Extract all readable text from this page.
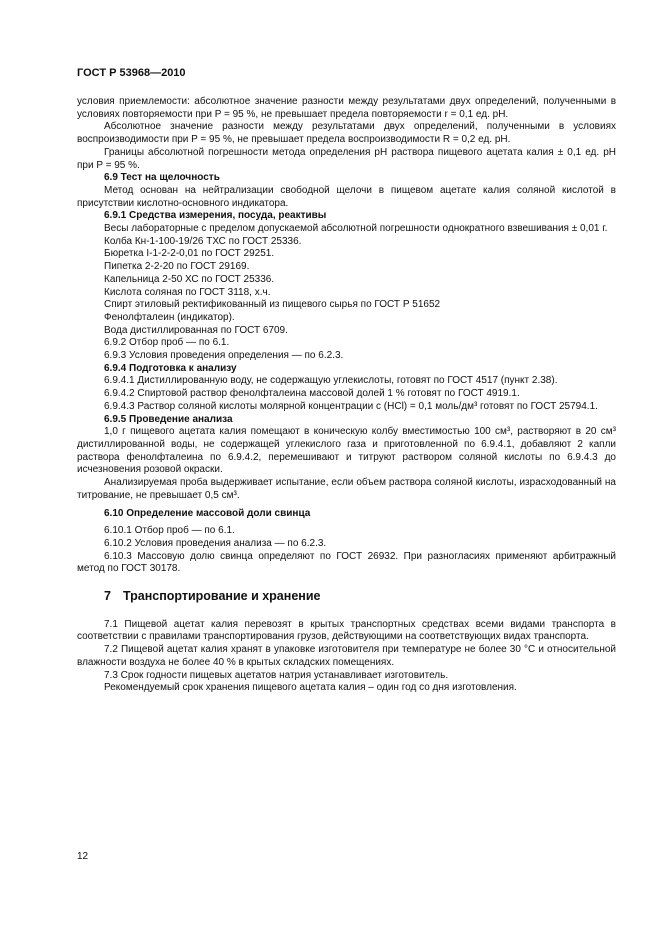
ГОСТ Р 53968—2010

условия приемлемости: абсолютное значение разности между результатами двух определений, полученными в условиях повторяемости при P = 95 %, не превышает предела повторяемости r = 0,1 ед. рН.

Абсолютное значение разности между результатами двух определений, полученными в условиях воспроизводимости при P = 95 %, не превышает предела воспроизводимости R = 0,2 ед. рН.

Границы абсолютной погрешности метода определения рН раствора пищевого ацетата калия ± 0,1 ед. рН при P = 95 %.

6.9 Тест на щелочность

Метод основан на нейтрализации свободной щелочи в пищевом ацетате калия соляной кислотой в присутствии кислотно-основного индикатора.

6.9.1 Средства измерения, посуда, реактивы

Весы лабораторные с пределом допускаемой абсолютной погрешности однократного взвешивания ± 0,01 г.

Колба Кн-1-100-19/26 ТХС по ГОСТ 25336.
Бюретка I-1-2-2-0,01 по ГОСТ 29251.
Пипетка 2-2-20 по ГОСТ 29169.
Капельница 2-50 ХС по ГОСТ 25336.
Кислота соляная по ГОСТ 3118, х.ч.
Спирт этиловый ректификованный из пищевого сырья по ГОСТ Р 51652
Фенолфталеин (индикатор).
Вода дистиллированная по ГОСТ 6709.
6.9.2 Отбор проб — по 6.1.
6.9.3 Условия проведения определения — по 6.2.3.

6.9.4 Подготовка к анализу

6.9.4.1 Дистиллированную воду, не содержащую углекислоты, готовят по ГОСТ 4517 (пункт 2.38).

6.9.4.2 Спиртовой раствор фенолфталеина массовой долей 1 % готовят по ГОСТ 4919.1.

6.9.4.3 Раствор соляной кислоты молярной концентрации c (HCl) = 0,1 моль/дм³ готовят по ГОСТ 25794.1.

6.9.5 Проведение анализа

1,0 г пищевого ацетата калия помещают в коническую колбу вместимостью 100 см³, растворяют в 20 см³ дистиллированной воды, не содержащей углекислого газа и приготовленной по 6.9.4.1, добавляют 2 капли раствора фенолфталеина по 6.9.4.2, перемешивают и титруют раствором соляной кислоты по 6.9.4.3 до исчезновения розовой окраски.

Анализируемая проба выдерживает испытание, если объем раствора соляной кислоты, израсходованный на титрование, не превышает 0,5 см³.

6.10 Определение массовой доли свинца

6.10.1 Отбор проб — по 6.1.

6.10.2 Условия проведения анализа — по 6.2.3.

6.10.3 Массовую долю свинца определяют по ГОСТ 26932. При разногласиях применяют арбитражный метод по ГОСТ 30178.

7 Транспортирование и хранение

7.1 Пищевой ацетат калия перевозят в крытых транспортных средствах всеми видами транспорта в соответствии с правилами транспортирования грузов, действующими на соответствующих видах транспорта.

7.2 Пищевой ацетат калия хранят в упаковке изготовителя при температуре не более 30 °С и относительной влажности воздуха не более 40 % в крытых складских помещениях.

7.3 Срок годности пищевых ацетатов натрия устанавливает изготовитель.

Рекомендуемый срок хранения пищевого ацетата калия – один год со дня изготовления.

12
